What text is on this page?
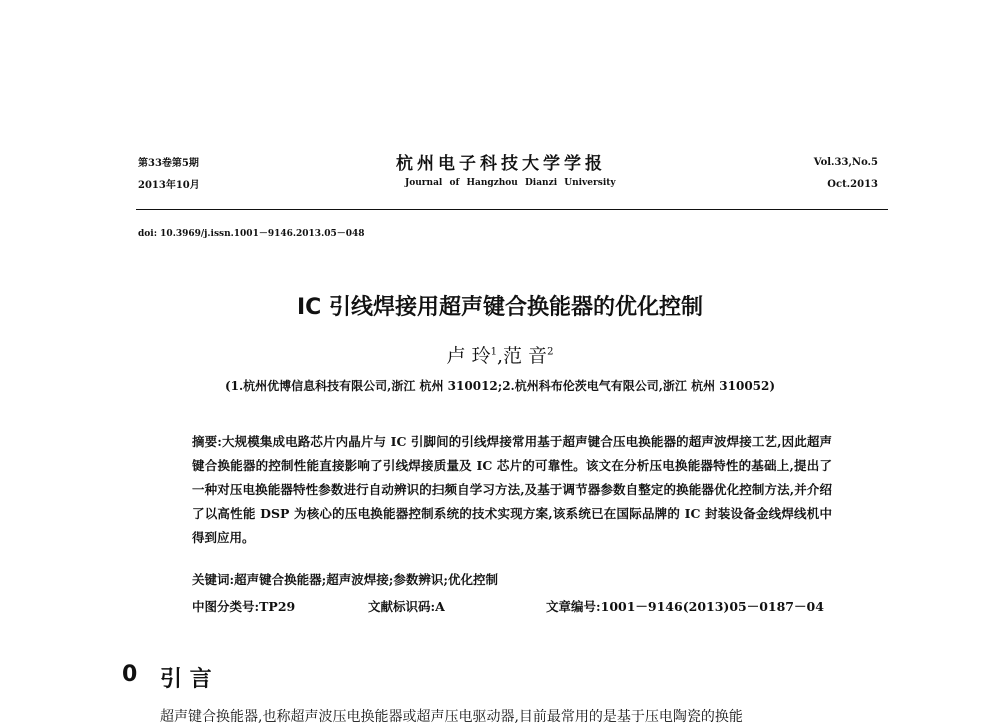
第33卷第5期
2013年10月
杭州电子科技大学学报
Journal of Hangzhou Dianzi University
Vol.33,No.5
Oct.2013
doi: 10.3969/j.issn.1001－9146.2013.05－048
IC 引线焊接用超声键合换能器的优化控制
卢 玲$^1$,范 音$^2$
(1.杭州优博信息科技有限公司,浙江 杭州 310012;2.杭州科布伦茨电气有限公司,浙江 杭州 310052)
摘要:大规模集成电路芯片内晶片与 IC 引脚间的引线焊接常用基于超声键合压电换能器的超声波焊接工艺,因此超声键合换能器的控制性能直接影响了引线焊接质量及 IC 芯片的可靠性。该文在分析压电换能器特性的基础上,提出了一种对压电换能器特性参数进行自动辨识的扫频自学习方法,及基于调节器参数自整定的换能器优化控制方法,并介绍了以高性能 DSP 为核心的压电换能器控制系统的技术实现方案,该系统已在国际品牌的 IC 封装设备金线焊线机中得到应用。
关键词:超声键合换能器;超声波焊接;参数辨识;优化控制
中图分类号:TP29	文献标识码:A	文章编号:1001－9146(2013)05－0187－04
0 引 言
超声键合换能器,也称超声波压电换能器或超声压电驱动器,目前最常用的是基于压电陶瓷的换能
